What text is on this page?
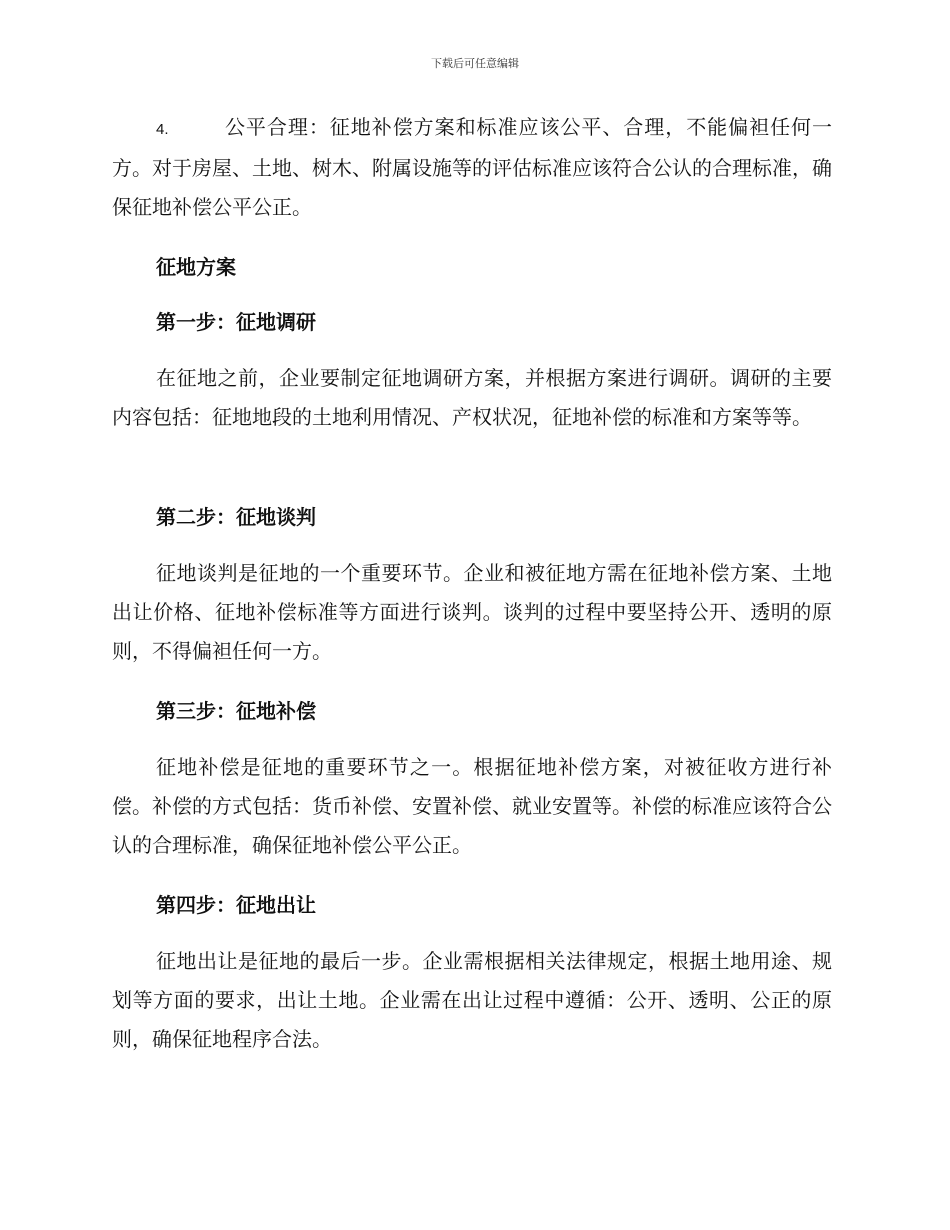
下载后可任意编辑

4.	公平合理：征地补偿方案和标准应该公平、合理，不能偏袒任何一方。对于房屋、土地、树木、附属设施等的评估标准应该符合公认的合理标准，确保征地补偿公平公正。

征地方案

第一步：征地调研

在征地之前，企业要制定征地调研方案，并根据方案进行调研。调研的主要内容包括：征地地段的土地利用情况、产权状况，征地补偿的标准和方案等等。

第二步：征地谈判

征地谈判是征地的一个重要环节。企业和被征地方需在征地补偿方案、土地出让价格、征地补偿标准等方面进行谈判。谈判的过程中要坚持公开、透明的原则，不得偏袒任何一方。

第三步：征地补偿

征地补偿是征地的重要环节之一。根据征地补偿方案，对被征收方进行补偿。补偿的方式包括：货币补偿、安置补偿、就业安置等。补偿的标准应该符合公认的合理标准，确保征地补偿公平公正。

第四步：征地出让

征地出让是征地的最后一步。企业需根据相关法律规定，根据土地用途、规划等方面的要求，出让土地。企业需在出让过程中遵循：公开、透明、公正的原则，确保征地程序合法。
